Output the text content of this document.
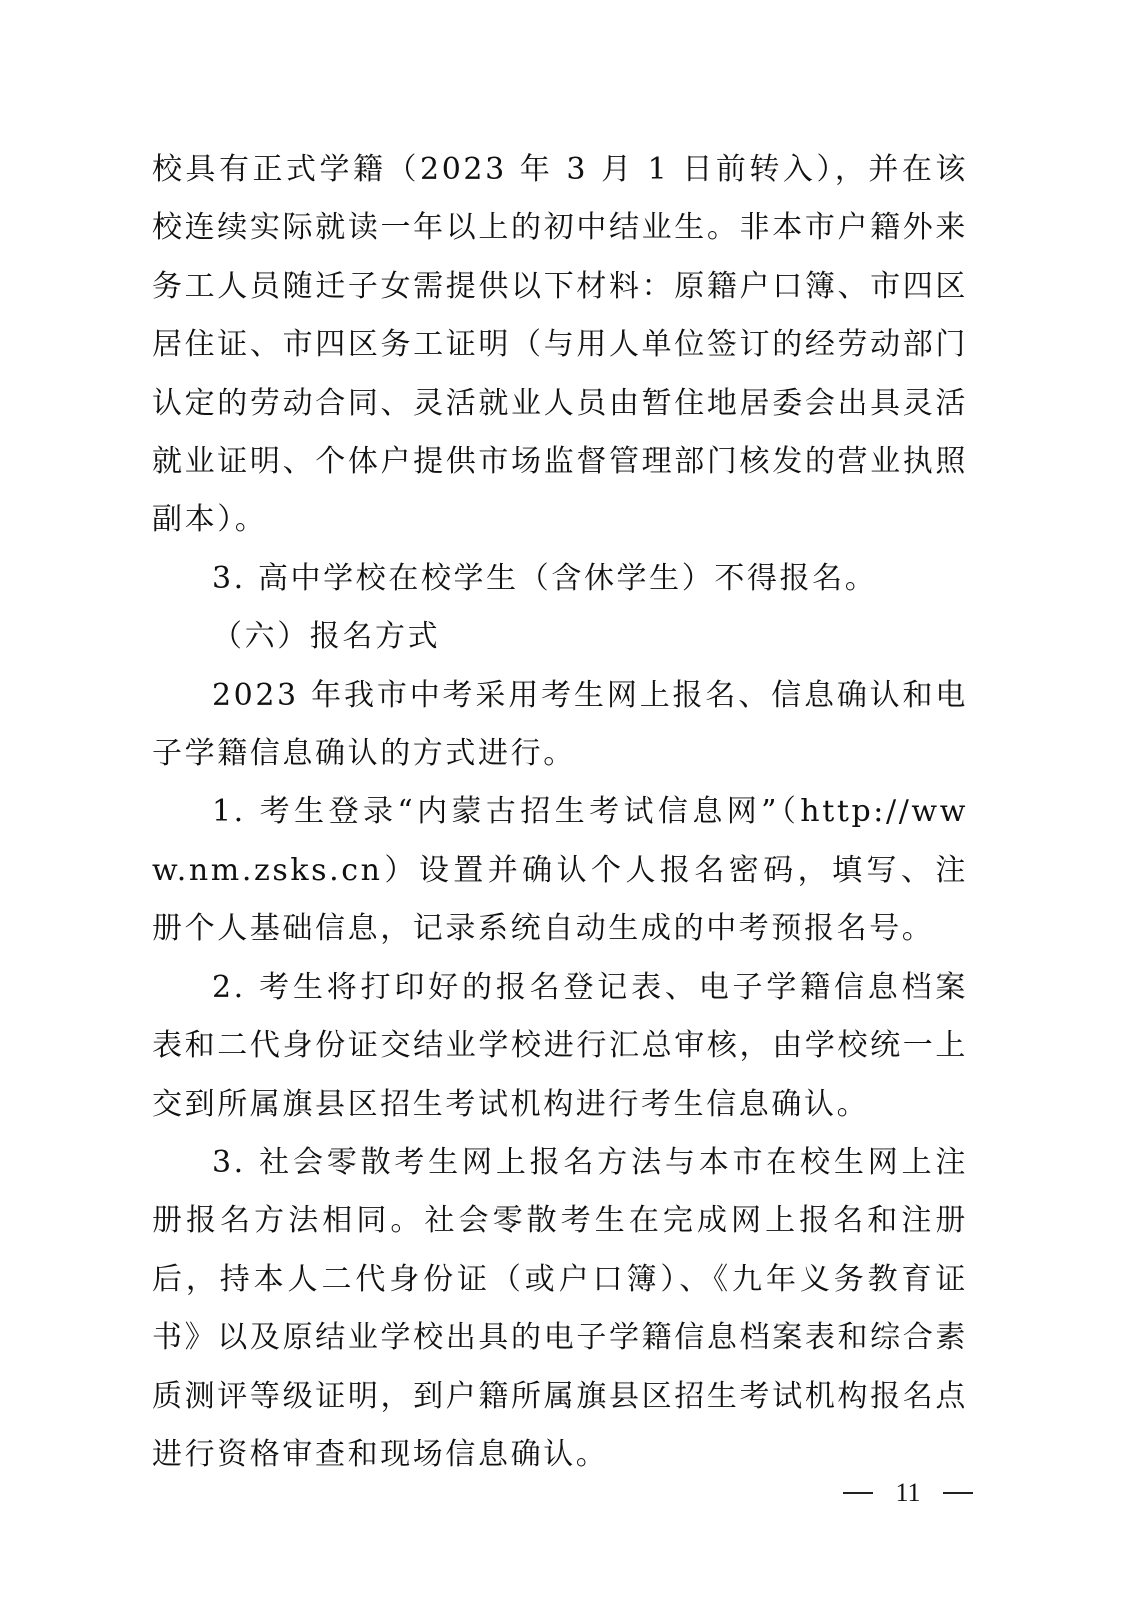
校具有正式学籍（2023 年 3 月 1 日前转入），并在该校连续实际就读一年以上的初中结业生。非本市户籍外来务工人员随迁子女需提供以下材料：原籍户口簿、市四区居住证、市四区务工证明（与用人单位签订的经劳动部门认定的劳动合同、灵活就业人员由暂住地居委会出具灵活就业证明、个体户提供市场监督管理部门核发的营业执照副本）。

3. 高中学校在校学生（含休学生）不得报名。

（六）报名方式

2023 年我市中考采用考生网上报名、信息确认和电子学籍信息确认的方式进行。

1. 考生登录“内蒙古招生考试信息网”（http://www.nm.zsks.cn）设置并确认个人报名密码，填写、注册个人基础信息，记录系统自动生成的中考预报名号。

2. 考生将打印好的报名登记表、电子学籍信息档案表和二代身份证交结业学校进行汇总审核，由学校统一上交到所属旗县区招生考试机构进行考生信息确认。

3. 社会零散考生网上报名方法与本市在校生网上注册报名方法相同。社会零散考生在完成网上报名和注册后，持本人二代身份证（或户口簿）、《九年义务教育证书》以及原结业学校出具的电子学籍信息档案表和综合素质测评等级证明，到户籍所属旗县区招生考试机构报名点进行资格审查和现场信息确认。

11
